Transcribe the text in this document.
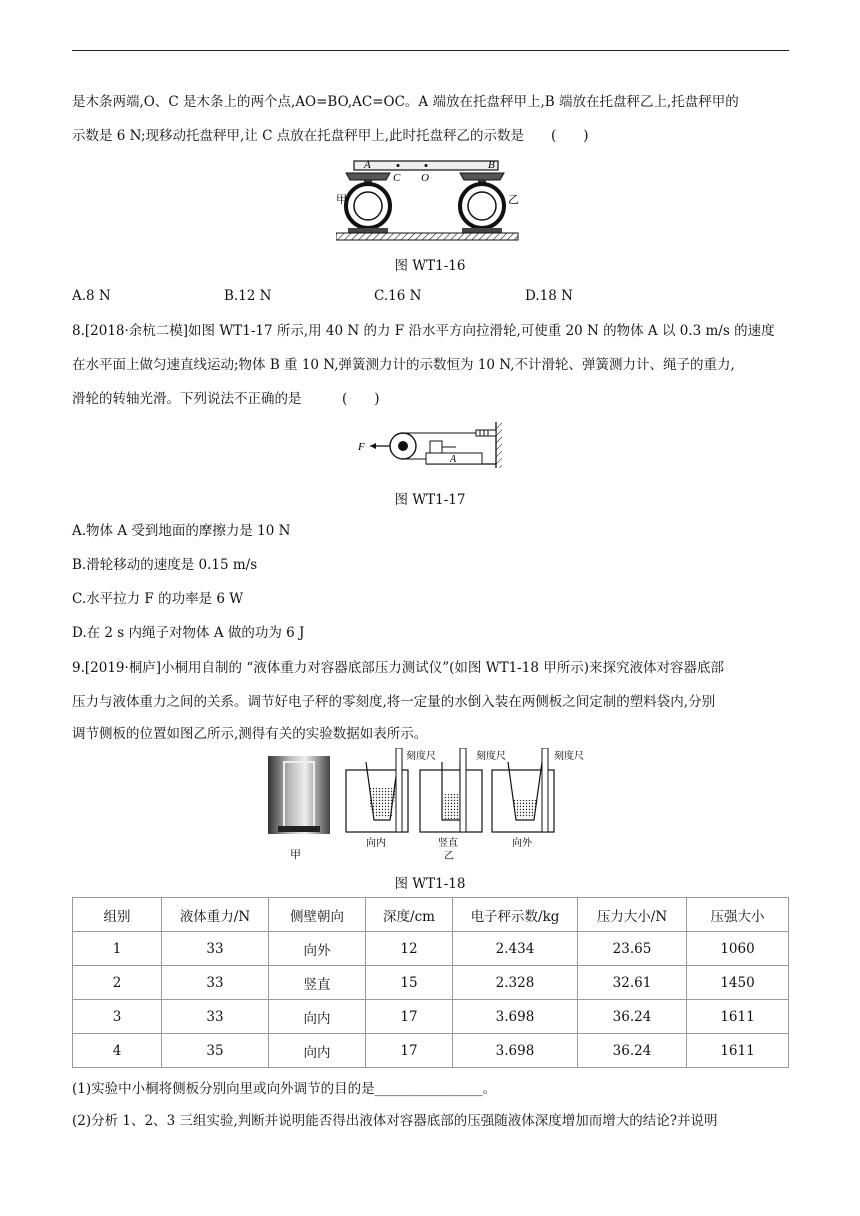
是木条两端,O、C 是木条上的两个点,AO=BO,AC=OC。A 端放在托盘秤甲上,B 端放在托盘秤乙上,托盘秤甲的
示数是 6 N;现移动托盘秤甲,让 C 点放在托盘秤甲上,此时托盘秤乙的示数是　　(　　)
A	B
C O
甲	乙
图 WT1-16
A.8 N	B.12 N	C.16 N	D.18 N
8.[2018·余杭二模]如图 WT1-17 所示,用 40 N 的力 F 沿水平方向拉滑轮,可使重 20 N 的物体 A 以 0.3 m/s 的速度
在水平面上做匀速直线运动;物体 B 重 10 N,弹簧测力计的示数恒为 10 N,不计滑轮、弹簧测力计、绳子的重力,
滑轮的转轴光滑。下列说法不正确的是　　　(　　)
A
F
图 WT1-17
A.物体 A 受到地面的摩擦力是 10 N
B.滑轮移动的速度是 0.15 m/s
C.水平拉力 F 的功率是 6 W
D.在 2 s 内绳子对物体 A 做的功为 6 J
9.[2019·桐庐]小桐用自制的 “液体重力对容器底部压力测试仪”(如图 WT1-18 甲所示)来探究液体对容器底部
压力与液体重力之间的关系。调节好电子秤的零刻度,将一定量的水倒入装在两侧板之间定制的塑料袋内,分别
调节侧板的位置如图乙所示,测得有关的实验数据如表所示。
甲
刻度尺
向内
刻度尺
竖直
乙
刻度尺
向外
图 WT1-18
组别	液体重力/N	侧壁朝向	深度/cm	电子秤示数/kg	压力大小/N	压强大小
1	33	向外	12	2.434	23.65	1060
2	33	竖直	15	2.328	32.61	1450
3	33	向内	17	3.698	36.24	1611
4	35	向内	17	3.698	36.24	1611
(1)实验中小桐将侧板分别向里或向外调节的目的是________________。
(2)分析 1、2、3 三组实验,判断并说明能否得出液体对容器底部的压强随液体深度增加而增大的结论?并说明
